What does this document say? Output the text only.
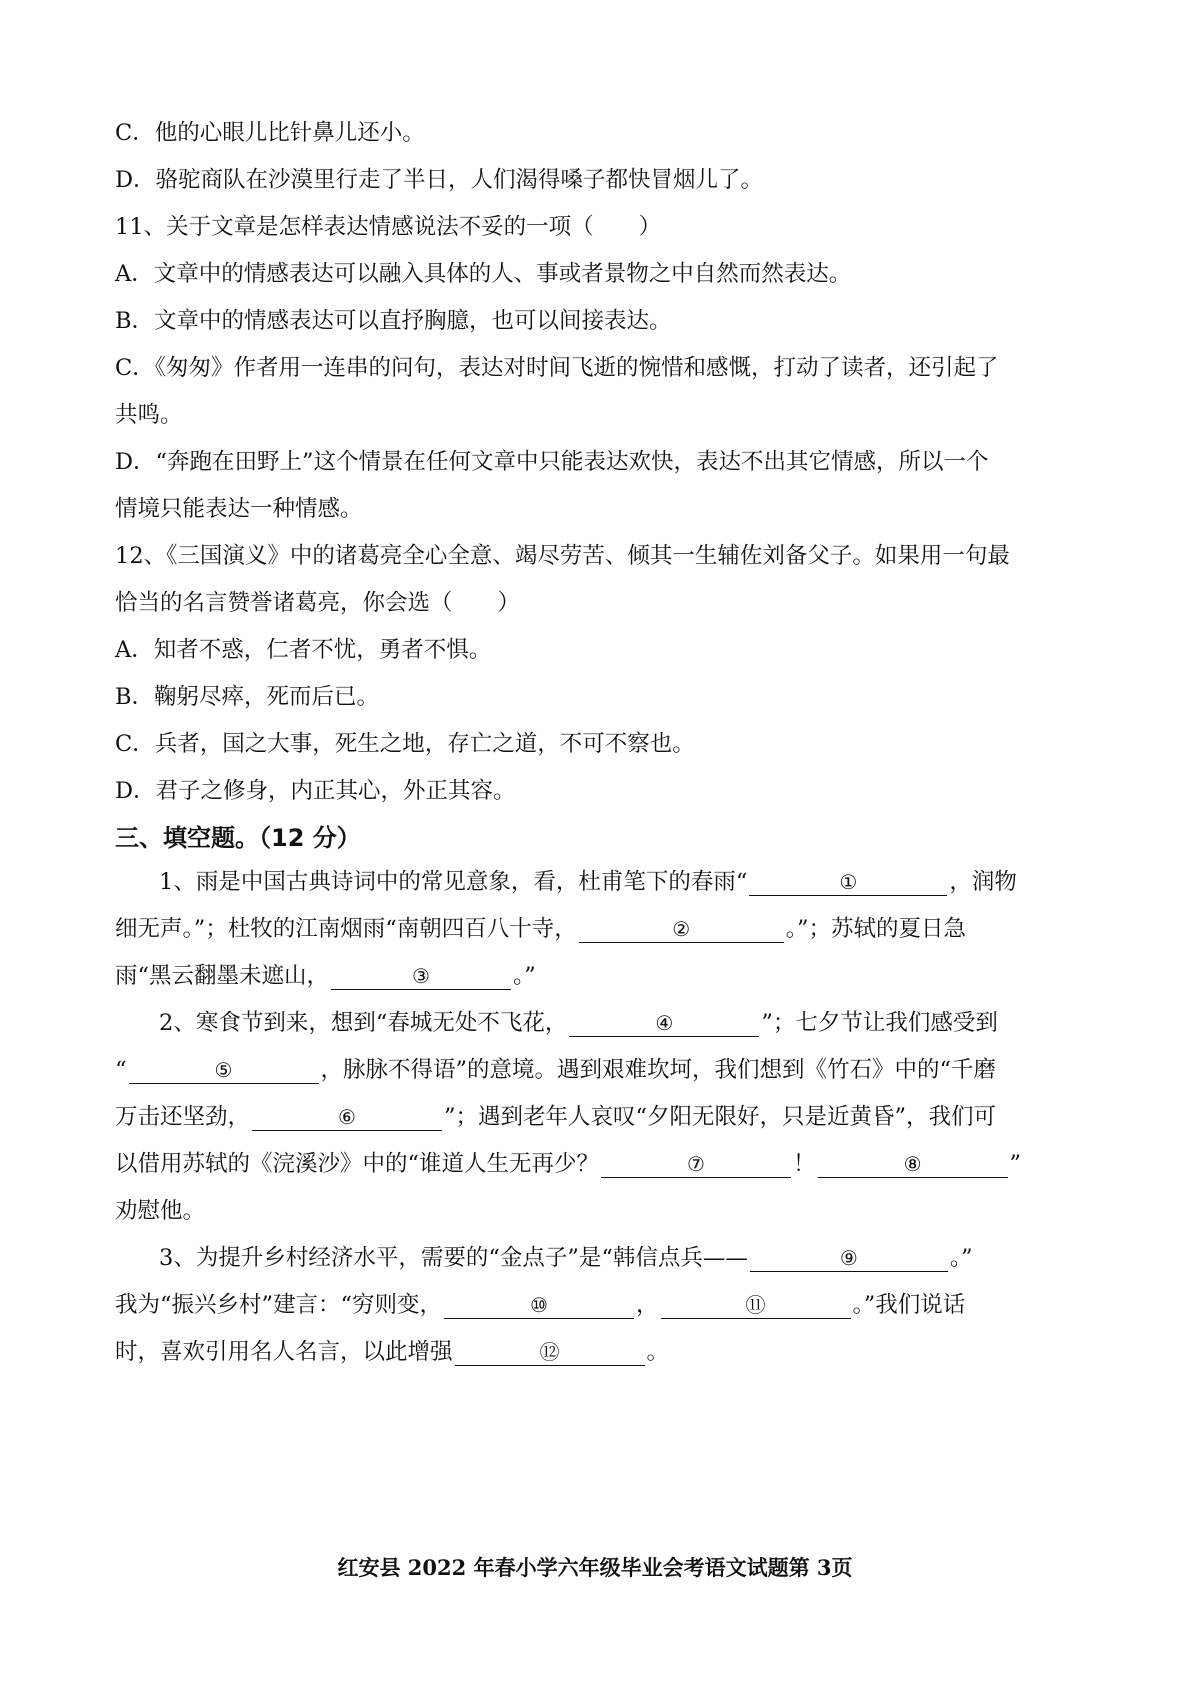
C．他的心眼儿比针鼻儿还小。
D．骆驼商队在沙漠里行走了半日，人们渴得嗓子都快冒烟儿了。
11、关于文章是怎样表达情感说法不妥的一项（　　）
A．文章中的情感表达可以融入具体的人、事或者景物之中自然而然表达。
B．文章中的情感表达可以直抒胸臆，也可以间接表达。
C．《匆匆》作者用一连串的问句，表达对时间飞逝的惋惜和感慨，打动了读者，还引起了
共鸣。
D．“奔跑在田野上”这个情景在任何文章中只能表达欢快，表达不出其它情感，所以一个
情境只能表达一种情感。
12、《三国演义》中的诸葛亮全心全意、竭尽劳苦、倾其一生辅佐刘备父子。如果用一句最
恰当的名言赞誉诸葛亮，你会选（　　）
A．知者不惑，仁者不忧，勇者不惧。
B．鞠躬尽瘁，死而后已。
C．兵者，国之大事，死生之地，存亡之道，不可不察也。
D．君子之修身，内正其心，外正其容。
三、填空题。（12 分）
1、雨是中国古典诗词中的常见意象，看，杜甫笔下的春雨“	①	，润物
细无声。”；杜牧的江南烟雨“南朝四百八十寺，	②	。”；苏轼的夏日急
雨“黑云翻墨未遮山，	③	。”
2、寒食节到来，想到“春城无处不飞花，	④	”；七夕节让我们感受到
“	⑤	，脉脉不得语”的意境。遇到艰难坎坷，我们想到《竹石》中的“千磨
万击还坚劲，	⑥	”；遇到老年人哀叹“夕阳无限好，只是近黄昏”，我们可
以借用苏轼的《浣溪沙》中的“谁道人生无再少？	⑦	！	⑧	”
劝慰他。
3、为提升乡村经济水平，需要的“金点子”是“韩信点兵——	⑨	。”
我为“振兴乡村”建言：“穷则变，	⑩	，	⑪	。”我们说话
时，喜欢引用名人名言，以此增强	⑫	。
红安县 2022 年春小学六年级毕业会考语文试题第 3页
